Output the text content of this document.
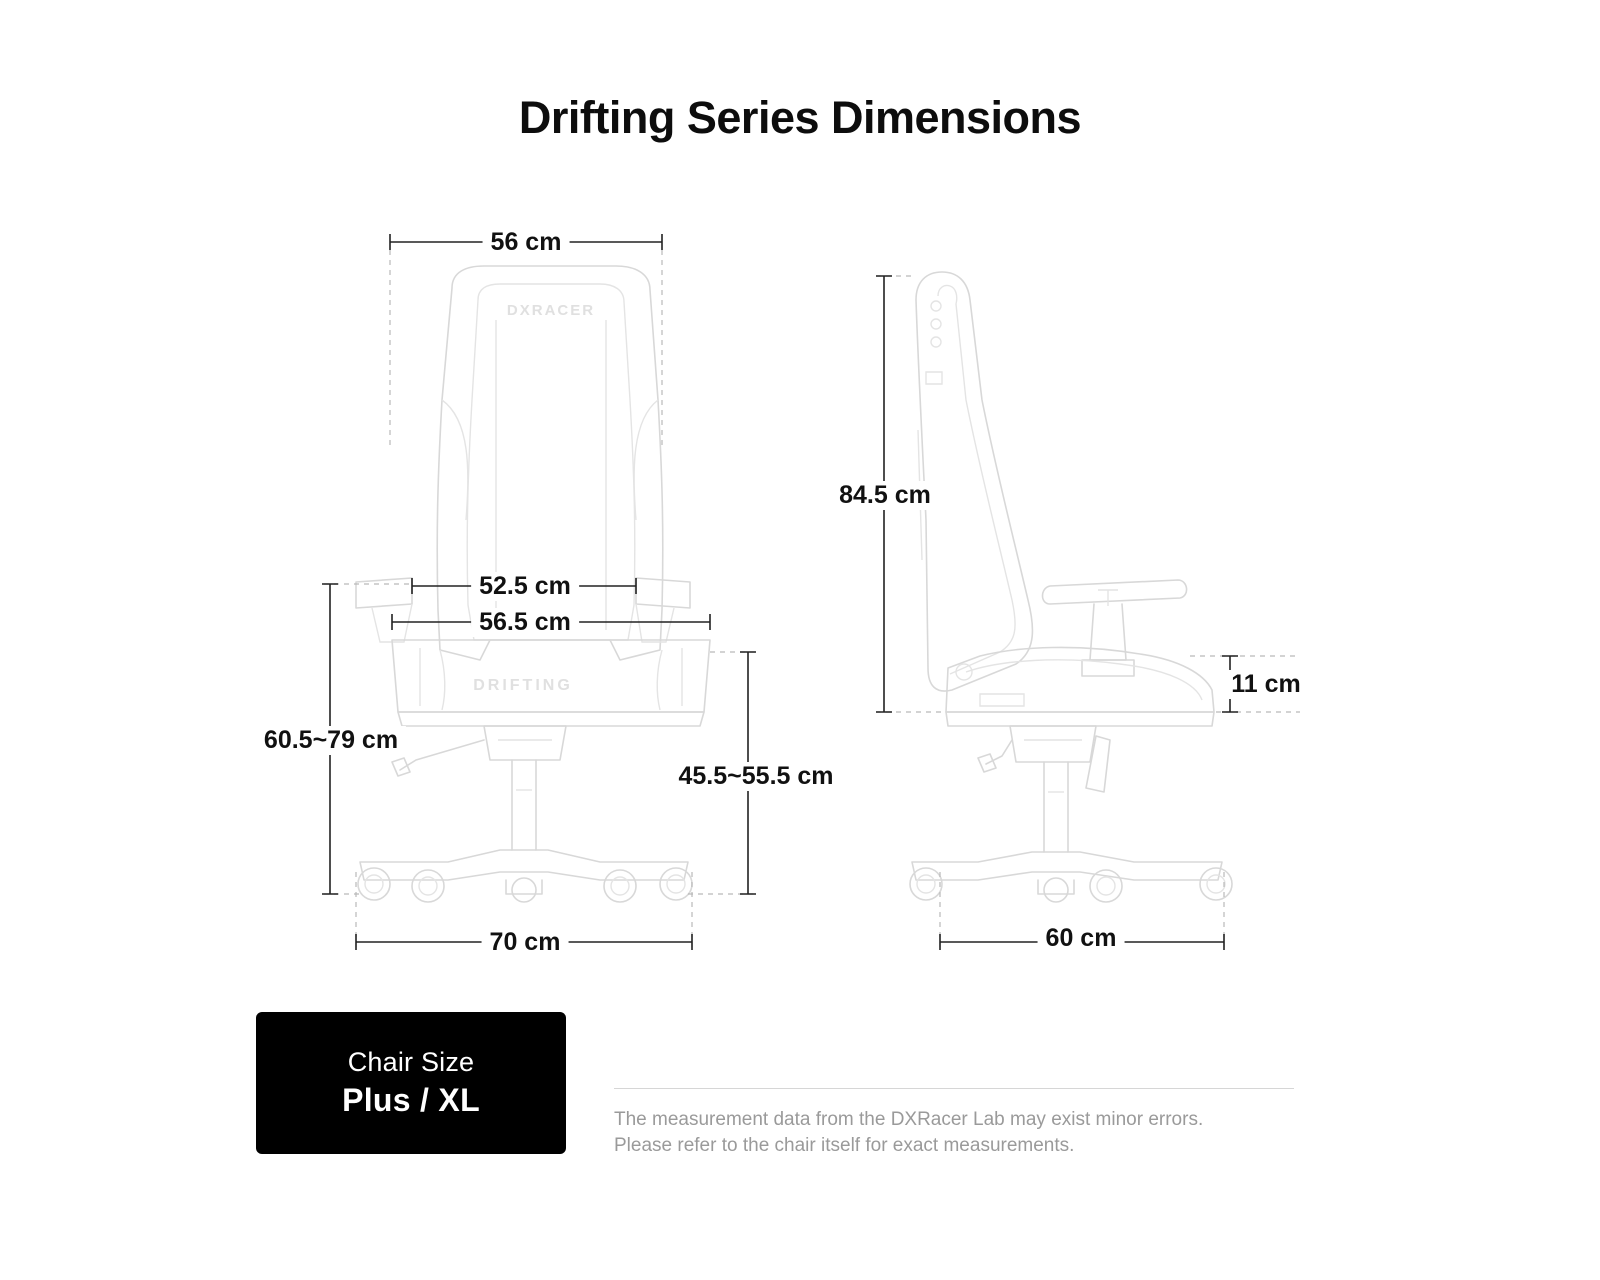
Drifting Series Dimensions
DXRACER
DRIFTING
56 cm
52.5 cm
56.5 cm
60.5~79 cm
45.5~55.5 cm
70 cm
84.5 cm
11 cm
60 cm
Chair Size
Plus / XL

The measurement data from the DXRacer Lab may exist minor errors.

Please refer to the chair itself for exact measurements.
